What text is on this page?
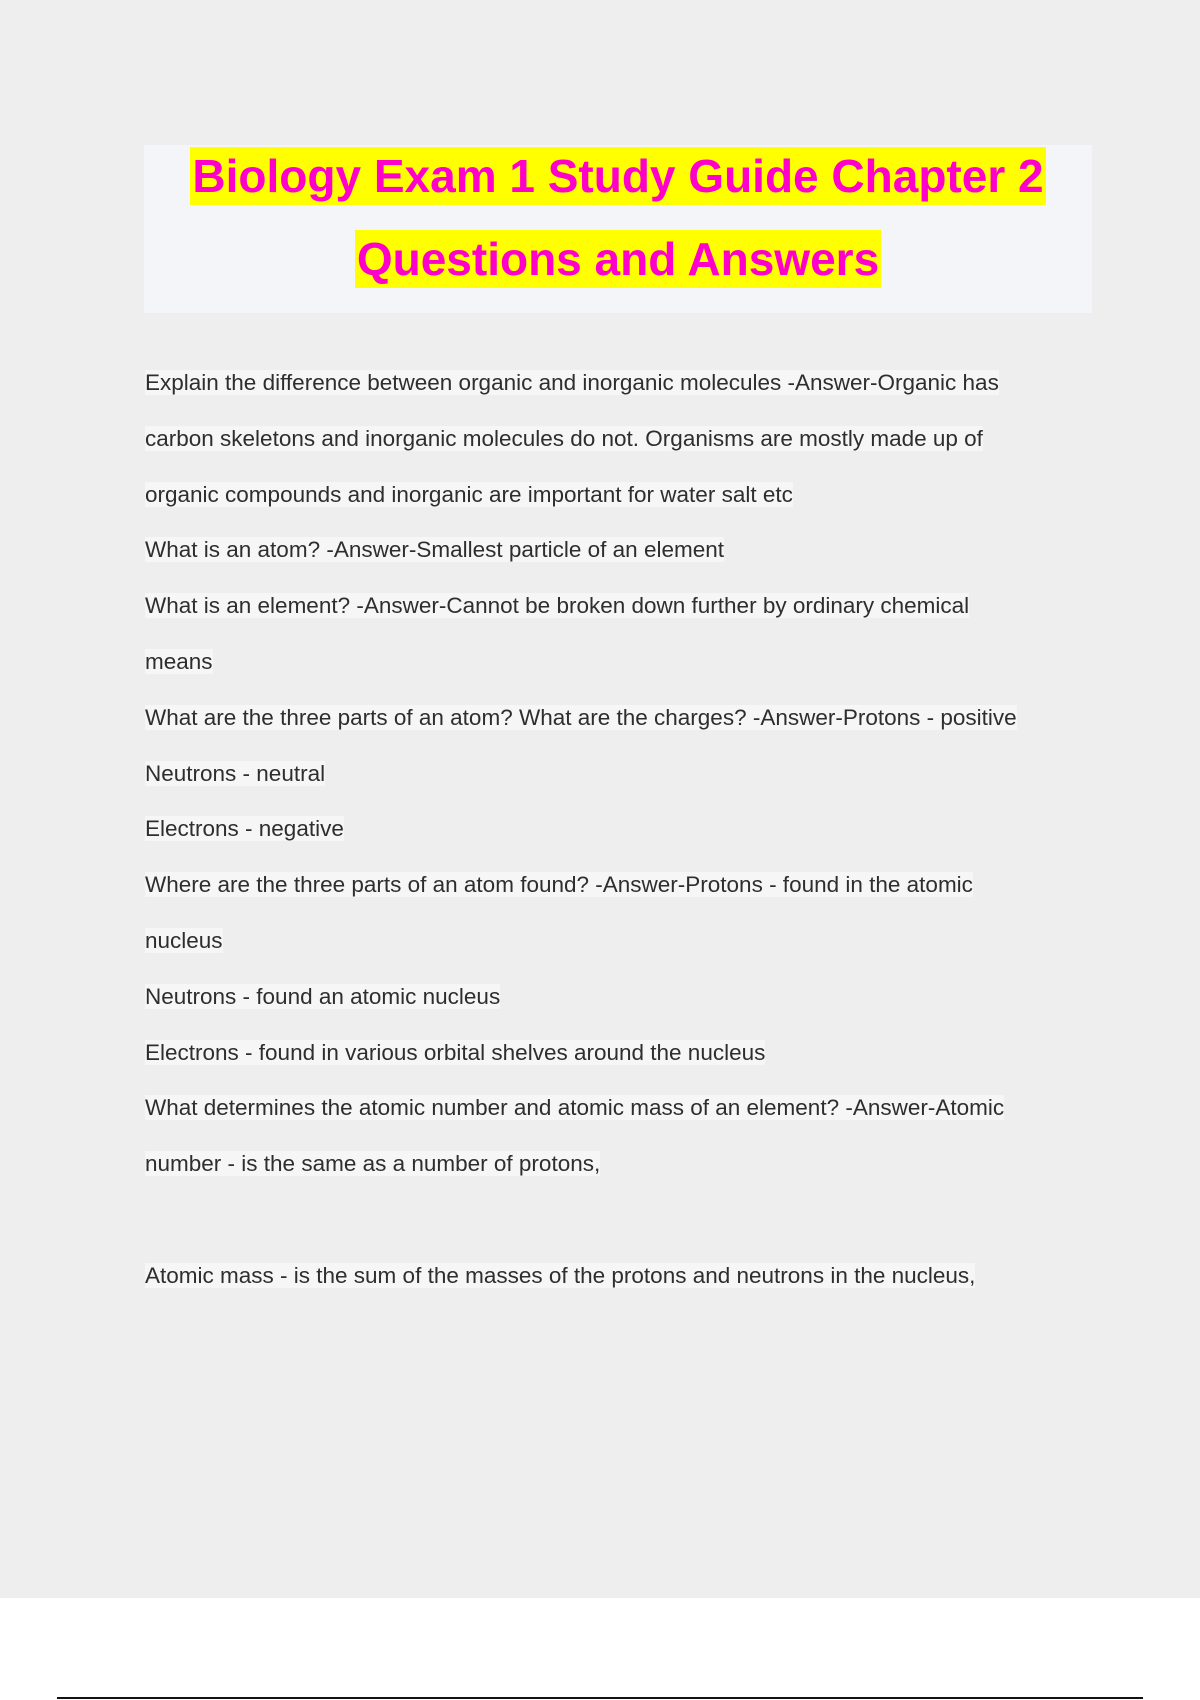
Biology Exam 1 Study Guide Chapter 2
Questions and Answers
Explain the difference between organic and inorganic molecules -Answer-Organic has
carbon skeletons and inorganic molecules do not. Organisms are mostly made up of
organic compounds and inorganic are important for water salt etc
What is an atom? -Answer-Smallest particle of an element
What is an element? -Answer-Cannot be broken down further by ordinary chemical
means
What are the three parts of an atom? What are the charges? -Answer-Protons - positive
Neutrons - neutral
Electrons - negative
Where are the three parts of an atom found? -Answer-Protons - found in the atomic
nucleus
Neutrons - found an atomic nucleus
Electrons - found in various orbital shelves around the nucleus
What determines the atomic number and atomic mass of an element? -Answer-Atomic
number - is the same as a number of protons,
Atomic mass - is the sum of the masses of the protons and neutrons in the nucleus,
